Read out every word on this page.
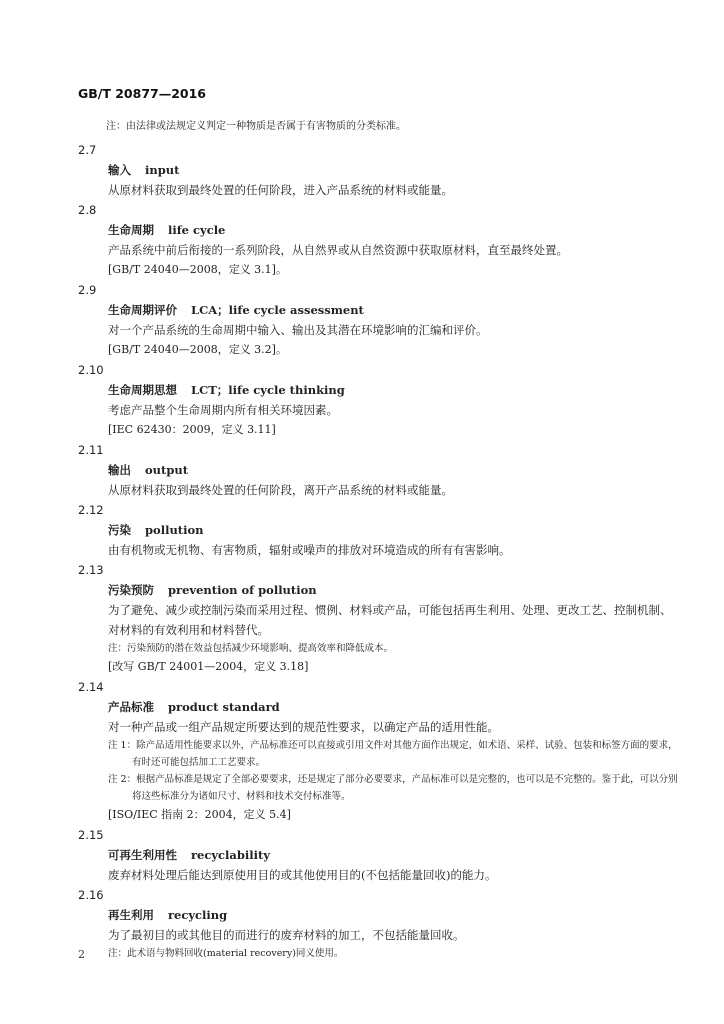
GB/T 20877—2016
注：由法律或法规定义判定一种物质是否属于有害物质的分类标准。
2.7
输入 input
从原材料获取到最终处置的任何阶段，进入产品系统的材料或能量。
2.8
生命周期 life cycle
产品系统中前后衔接的一系列阶段，从自然界或从自然资源中获取原材料，直至最终处置。
[GB/T 24040—2008，定义 3.1]。
2.9
生命周期评价 LCA；life cycle assessment
对一个产品系统的生命周期中输入、输出及其潜在环境影响的汇编和评价。
[GB/T 24040—2008，定义 3.2]。
2.10
生命周期思想 LCT；life cycle thinking
考虑产品整个生命周期内所有相关环境因素。
[IEC 62430：2009，定义 3.11]
2.11
输出 output
从原材料获取到最终处置的任何阶段，离开产品系统的材料或能量。
2.12
污染 pollution
由有机物或无机物、有害物质，辐射或噪声的排放对环境造成的所有有害影响。
2.13
污染预防 prevention of pollution
为了避免、减少或控制污染而采用过程、惯例、材料或产品，可能包括再生利用、处理、更改工艺、控制机制、对材料的有效利用和材料替代。
注：污染预防的潜在效益包括减少环境影响、提高效率和降低成本。
[改写 GB/T 24001—2004，定义 3.18]
2.14
产品标准 product standard
对一种产品或一组产品规定所要达到的规范性要求，以确定产品的适用性能。
注 1：除产品适用性能要求以外，产品标准还可以直接或引用文件对其他方面作出规定，如术语、采样、试验、包装和标签方面的要求，有时还可能包括加工工艺要求。
注 2：根据产品标准是规定了全部必要要求，还是规定了部分必要要求，产品标准可以是完整的，也可以是不完整的。鉴于此，可以分别将这些标准分为诸如尺寸、材料和技术交付标准等。
[ISO/IEC 指南 2：2004，定义 5.4]
2.15
可再生利用性 recyclability
废弃材料处理后能达到原使用目的或其他使用目的(不包括能量回收)的能力。
2.16
再生利用 recycling
为了最初目的或其他目的而进行的废弃材料的加工，不包括能量回收。
注：此术语与物料回收(material recovery)同义使用。
2
